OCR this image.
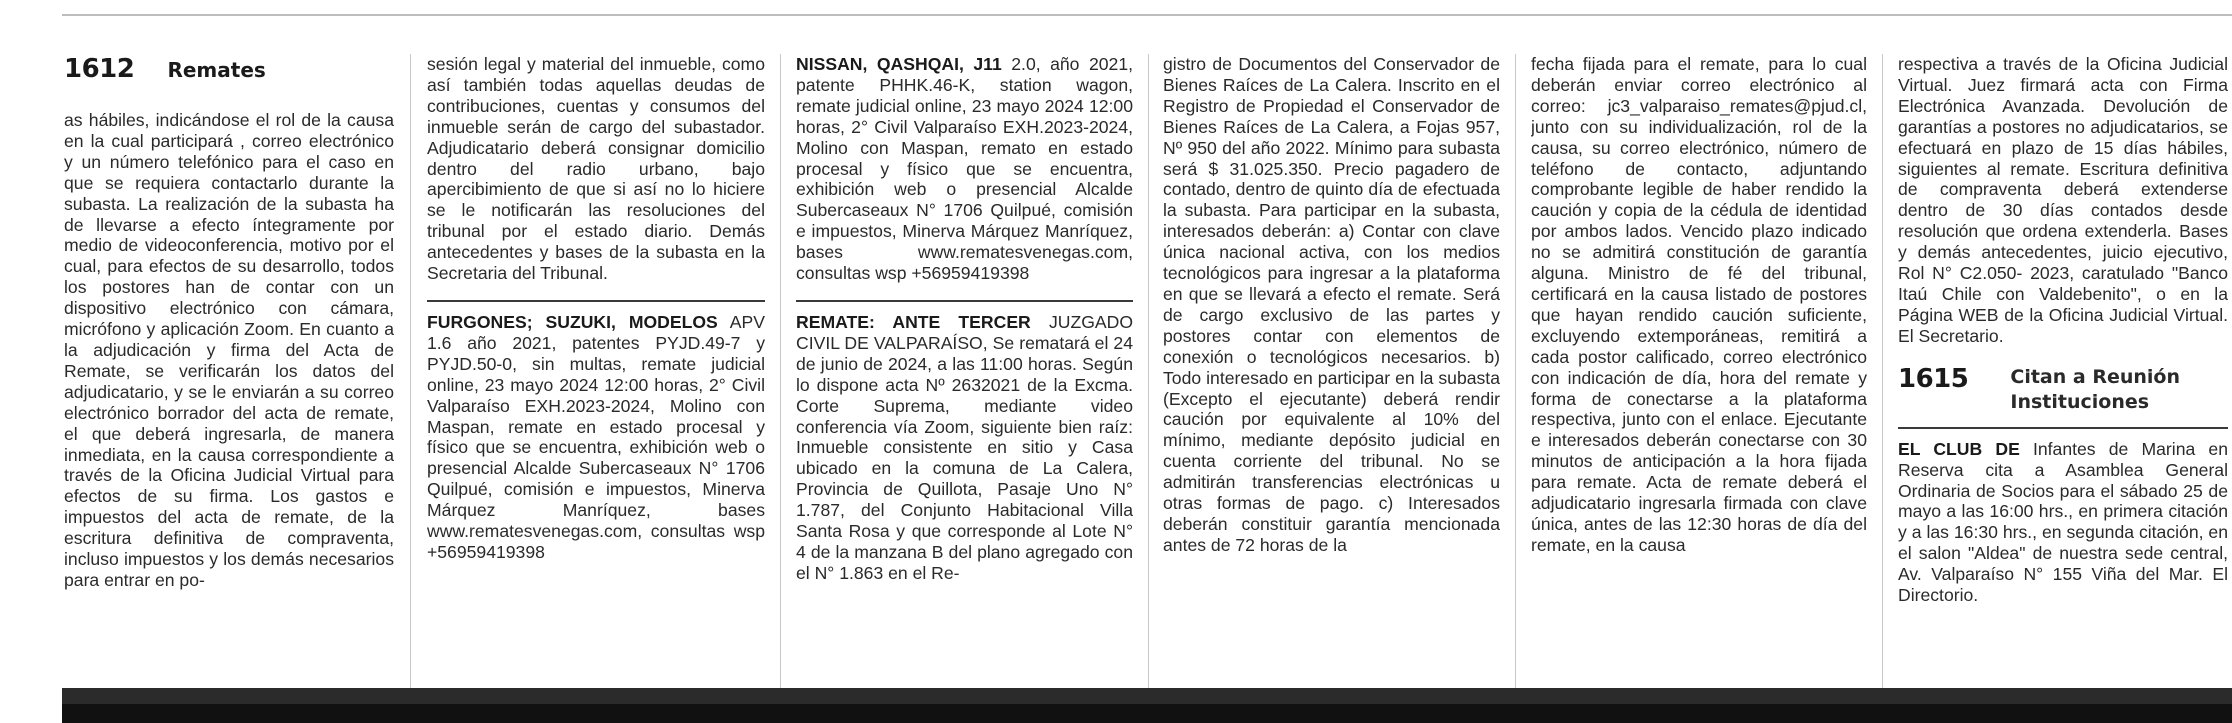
1612 Remates

as hábiles, indicándose el rol de la causa en la cual participará , correo electrónico y un número telefónico para el caso en que se requiera contactarlo durante la subasta. La realización de la subasta ha de llevarse a efecto íntegramente por medio de videoconferencia, motivo por el cual, para efectos de su desarrollo, todos los postores han de contar con un dispositivo electrónico con cámara, micrófono y aplicación Zoom. En cuanto a la adjudicación y firma del Acta de Remate, se verificarán los datos del adjudicatario, y se le enviarán a su correo electrónico borrador del acta de remate, el que deberá ingresarla, de manera inmediata, en la causa correspondiente a través de la Oficina Judicial Virtual para efectos de su firma. Los gastos e impuestos del acta de remate, de la escritura definitiva de compraventa, incluso impuestos y los demás necesarios para entrar en po-

sesión legal y material del inmueble, como así también todas aquellas deudas de contribuciones, cuentas y consumos del inmueble serán de cargo del subastador. Adjudicatario deberá consignar domicilio dentro del radio urbano, bajo apercibimiento de que si así no lo hiciere se le notificarán las resoluciones del tribunal por el estado diario. Demás antecedentes y bases de la subasta en la Secretaria del Tribunal.

FURGONES; SUZUKI, MODELOS APV 1.6 año 2021, patentes PYJD.49-7 y PYJD.50-0, sin multas, remate judicial online, 23 mayo 2024 12:00 horas, 2° Civil Valparaíso EXH.2023-2024, Molino con Maspan, remate en estado procesal y físico que se encuentra, exhibición web o presencial Alcalde Subercaseaux N° 1706 Quilpué, comisión e impuestos, Minerva Márquez Manríquez, bases www.rematesvenegas.com, consultas wsp +56959419398

NISSAN, QASHQAI, J11 2.0, año 2021, patente PHHK.46-K, station wagon, remate judicial online, 23 mayo 2024 12:00 horas, 2° Civil Valparaíso EXH.2023-2024, Molino con Maspan, remato en estado procesal y físico que se encuentra, exhibición web o presencial Alcalde Subercaseaux N° 1706 Quilpué, comisión e impuestos, Minerva Márquez Manríquez, bases www.rematesvenegas.com, consultas wsp +56959419398

REMATE: ANTE TERCER JUZGADO CIVIL DE VALPARAÍSO, Se rematará el 24 de junio de 2024, a las 11:00 horas. Según lo dispone acta Nº 2632021 de la Excma. Corte Suprema, mediante video conferencia vía Zoom, siguiente bien raíz: Inmueble consistente en sitio y Casa ubicado en la comuna de La Calera, Provincia de Quillota, Pasaje Uno N° 1.787, del Conjunto Habitacional Villa Santa Rosa y que corresponde al Lote N° 4 de la manzana B del plano agregado con el N° 1.863 en el Re-

gistro de Documentos del Conservador de Bienes Raíces de La Calera. Inscrito en el Registro de Propiedad el Conservador de Bienes Raíces de La Calera, a Fojas 957, Nº 950 del año 2022. Mínimo para subasta será $ 31.025.350. Precio pagadero de contado, dentro de quinto día de efectuada la subasta. Para participar en la subasta, interesados deberán: a) Contar con clave única nacional activa, con los medios tecnológicos para ingresar a la plataforma en que se llevará a efecto el remate. Será de cargo exclusivo de las partes y postores contar con elementos de conexión o tecnológicos necesarios. b) Todo interesado en participar en la subasta (Excepto el ejecutante) deberá rendir caución por equivalente al 10% del mínimo, mediante depósito judicial en cuenta corriente del tribunal. No se admitirán transferencias electrónicas u otras formas de pago. c) Interesados deberán constituir garantía mencionada antes de 72 horas de la

fecha fijada para el remate, para lo cual deberán enviar correo electrónico al correo: jc3_valparaiso_remates@pjud.cl, junto con su individualización, rol de la causa, su correo electrónico, número de teléfono de contacto, adjuntando comprobante legible de haber rendido la caución y copia de la cédula de identidad por ambos lados. Vencido plazo indicado no se admitirá constitución de garantía alguna. Ministro de fé del tribunal, certificará en la causa listado de postores que hayan rendido caución suficiente, excluyendo extemporáneas, remitirá a cada postor calificado, correo electrónico con indicación de día, hora del remate y forma de conectarse a la plataforma respectiva, junto con el enlace. Ejecutante e interesados deberán conectarse con 30 minutos de anticipación a la hora fijada para remate. Acta de remate deberá el adjudicatario ingresarla firmada con clave única, antes de las 12:30 horas de día del remate, en la causa

respectiva a través de la Oficina Judicial Virtual. Juez firmará acta con Firma Electrónica Avanzada. Devolución de garantías a postores no adjudicatarios, se efectuará en plazo de 15 días hábiles, siguientes al remate. Escritura definitiva de compraventa deberá extenderse dentro de 30 días contados desde resolución que ordena extenderla. Bases y demás antecedentes, juicio ejecutivo, Rol N° C2.050- 2023, caratulado "Banco Itaú Chile con Valdebenito", o en la Página WEB de la Oficina Judicial Virtual. El Secretario.

1615 Citan a Reunión
Instituciones

EL CLUB DE Infantes de Marina en Reserva cita a Asamblea General Ordinaria de Socios para el sábado 25 de mayo a las 16:00 hrs., en primera citación y a las 16:30 hrs., en segunda citación, en el salon "Aldea" de nuestra sede central, Av. Valparaíso N° 155 Viña del Mar. El Directorio.
